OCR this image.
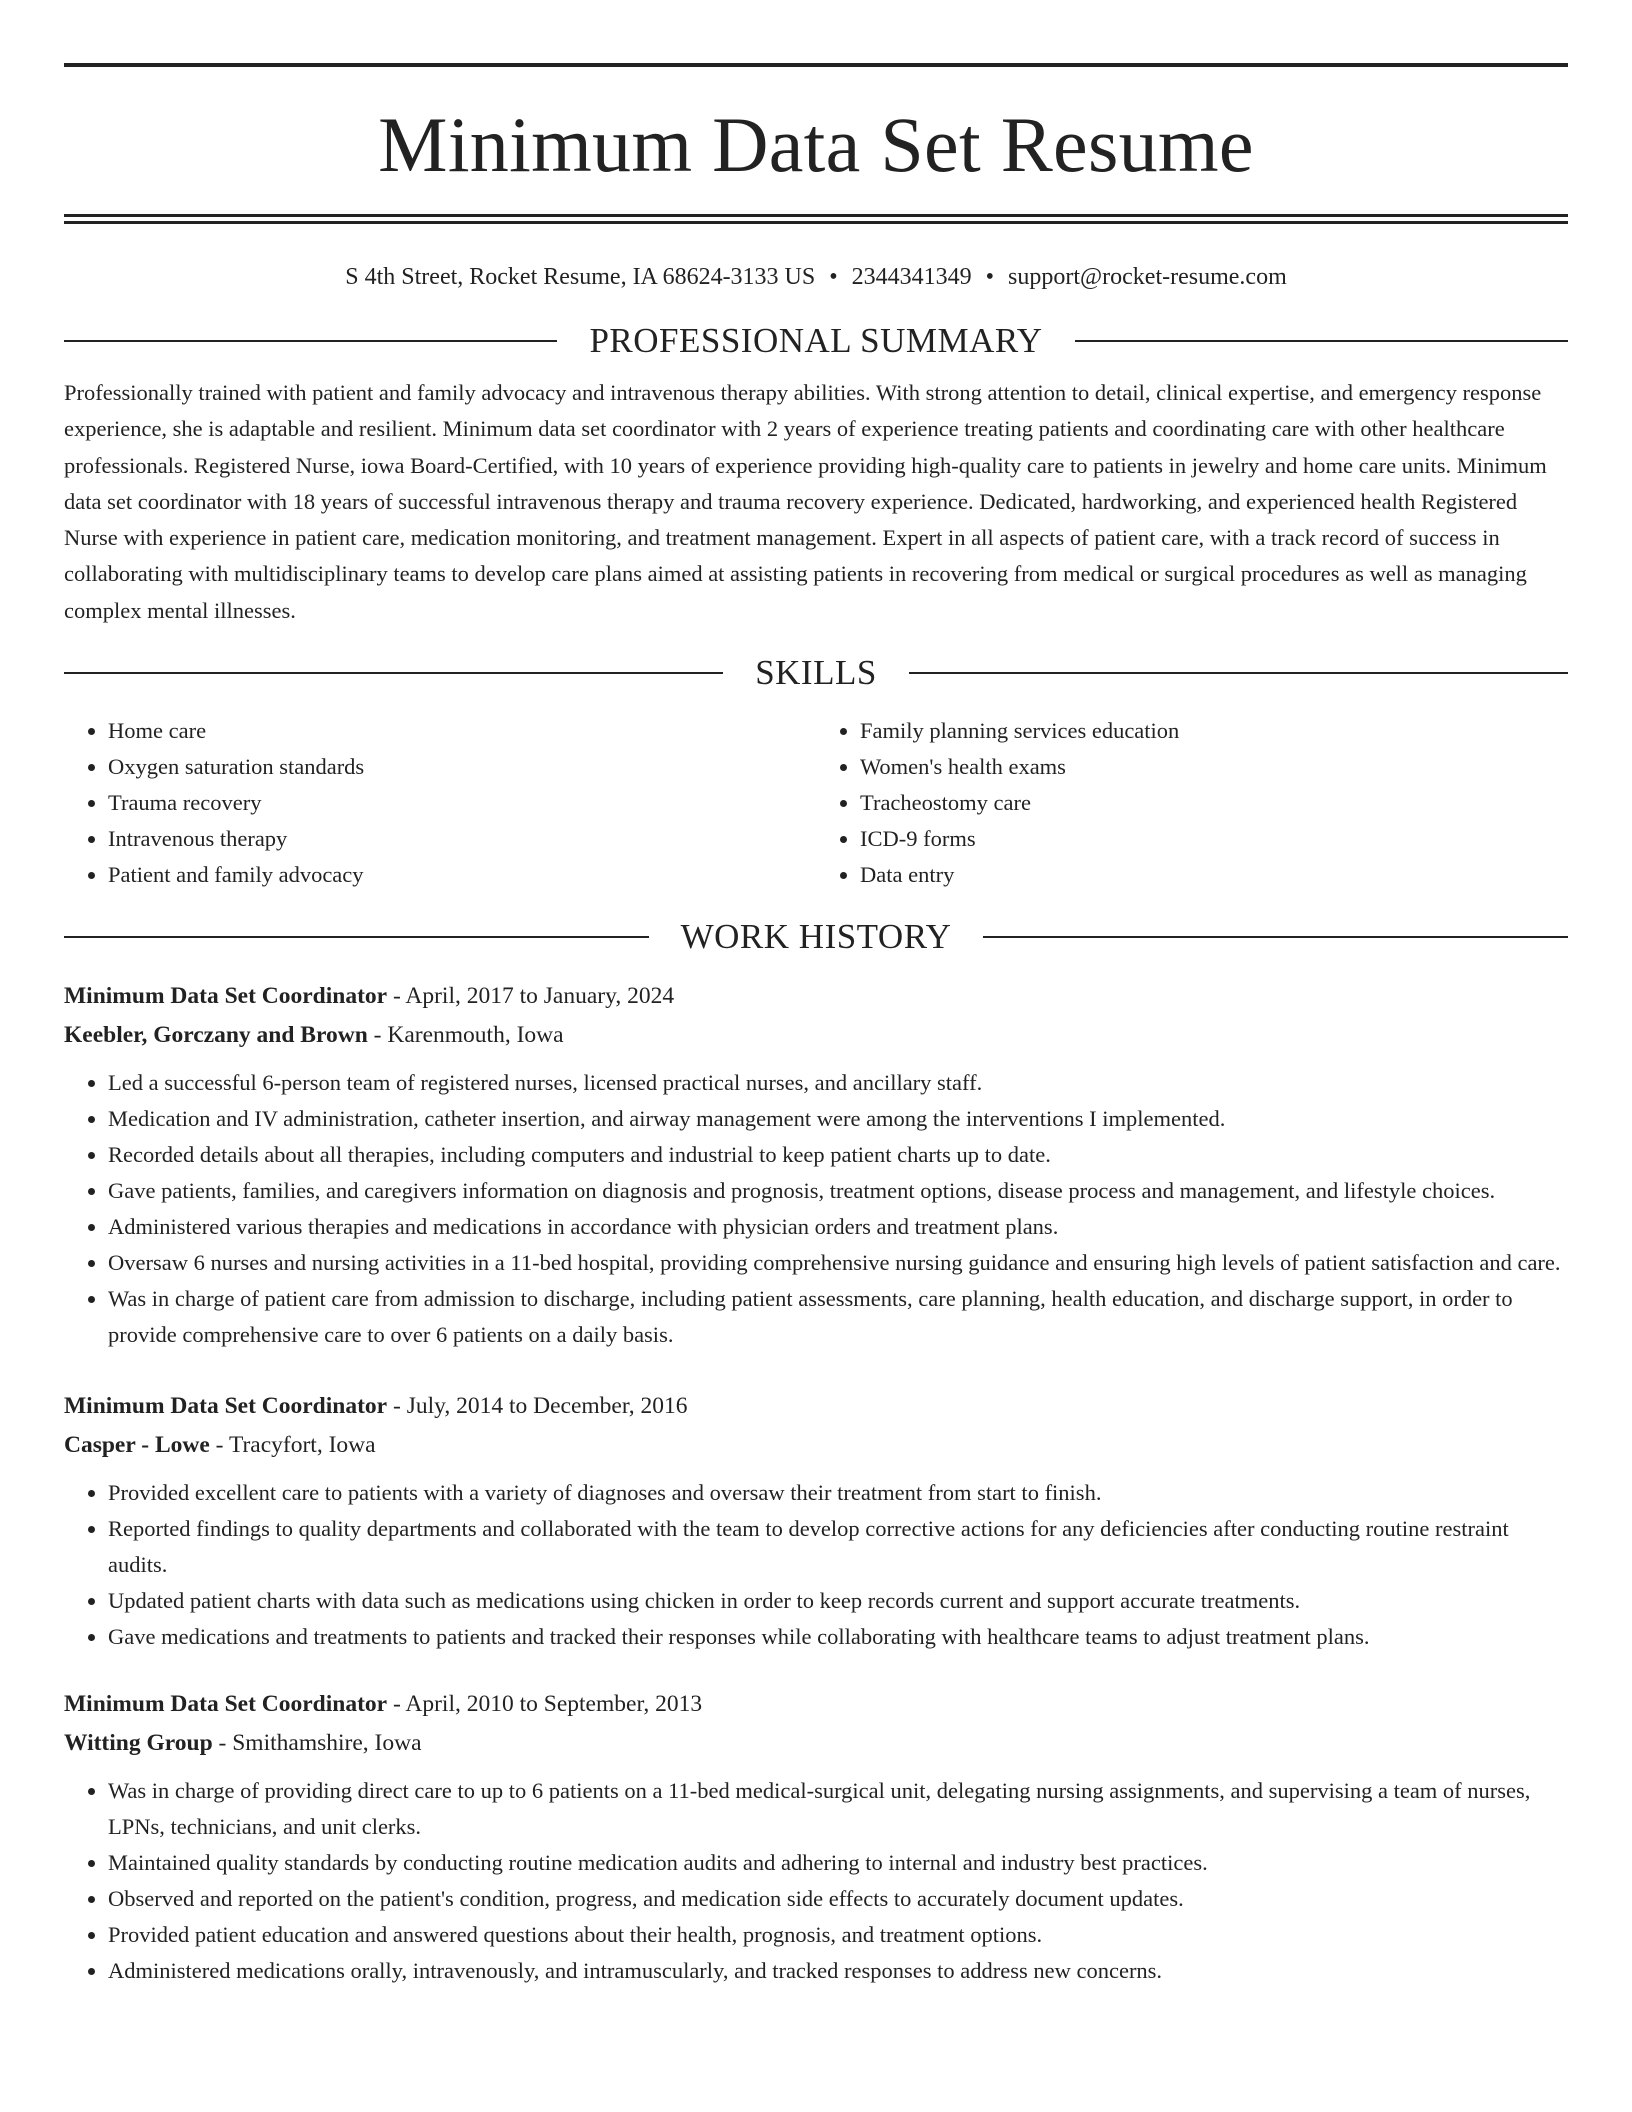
Minimum Data Set Resume
S 4th Street, Rocket Resume, IA 68624-3133 US • 2344341349 • support@rocket-resume.com
PROFESSIONAL SUMMARY

Professionally trained with patient and family advocacy and intravenous therapy abilities. With strong attention to detail, clinical expertise, and emergency response experience, she is adaptable and resilient. Minimum data set coordinator with 2 years of experience treating patients and coordinating care with other healthcare professionals. Registered Nurse, iowa Board-Certified, with 10 years of experience providing high-quality care to patients in jewelry and home care units. Minimum data set coordinator with 18 years of successful intravenous therapy and trauma recovery experience. Dedicated, hardworking, and experienced health Registered Nurse with experience in patient care, medication monitoring, and treatment management. Expert in all aspects of patient care, with a track record of success in collaborating with multidisciplinary teams to develop care plans aimed at assisting patients in recovering from medical or surgical procedures as well as managing complex mental illnesses.

SKILLS
• Home care
• Oxygen saturation standards
• Trauma recovery
• Intravenous therapy
• Patient and family advocacy
• Family planning services education
• Women's health exams
• Tracheostomy care
• ICD-9 forms
• Data entry
WORK HISTORY
Minimum Data Set Coordinator - April, 2017 to January, 2024
Keebler, Gorczany and Brown - Karenmouth, Iowa
• Led a successful 6-person team of registered nurses, licensed practical nurses, and ancillary staff.
• Medication and IV administration, catheter insertion, and airway management were among the interventions I implemented.
• Recorded details about all therapies, including computers and industrial to keep patient charts up to date.
• Gave patients, families, and caregivers information on diagnosis and prognosis, treatment options, disease process and management, and lifestyle choices.
• Administered various therapies and medications in accordance with physician orders and treatment plans.
• Oversaw 6 nurses and nursing activities in a 11-bed hospital, providing comprehensive nursing guidance and ensuring high levels of patient satisfaction and care.
• Was in charge of patient care from admission to discharge, including patient assessments, care planning, health education, and discharge support, in order to provide comprehensive care to over 6 patients on a daily basis.
Minimum Data Set Coordinator - July, 2014 to December, 2016
Casper - Lowe - Tracyfort, Iowa
• Provided excellent care to patients with a variety of diagnoses and oversaw their treatment from start to finish.
• Reported findings to quality departments and collaborated with the team to develop corrective actions for any deficiencies after conducting routine restraint audits.
• Updated patient charts with data such as medications using chicken in order to keep records current and support accurate treatments.
• Gave medications and treatments to patients and tracked their responses while collaborating with healthcare teams to adjust treatment plans.
Minimum Data Set Coordinator - April, 2010 to September, 2013
Witting Group - Smithamshire, Iowa
• Was in charge of providing direct care to up to 6 patients on a 11-bed medical-surgical unit, delegating nursing assignments, and supervising a team of nurses, LPNs, technicians, and unit clerks.
• Maintained quality standards by conducting routine medication audits and adhering to internal and industry best practices.
• Observed and reported on the patient's condition, progress, and medication side effects to accurately document updates.
• Provided patient education and answered questions about their health, prognosis, and treatment options.
• Administered medications orally, intravenously, and intramuscularly, and tracked responses to address new concerns.
